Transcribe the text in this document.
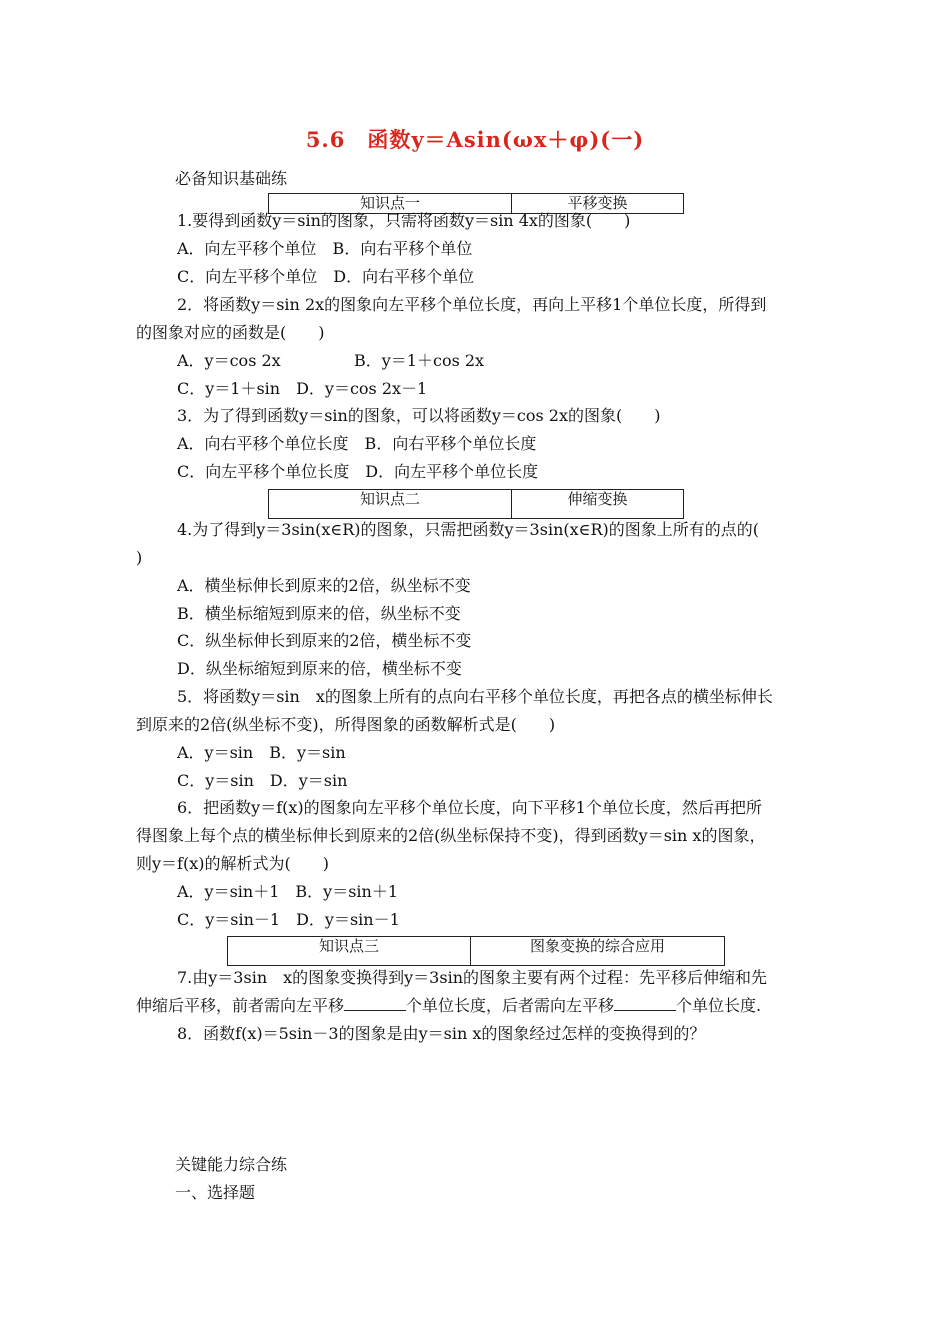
5.6　函数y＝Asin(ωx＋φ)(一)
必备知识基础练
知识点一	平移变换
1.要得到函数y＝sin的图象，只需将函数y＝sin 4x的图象(　　)
A．向左平移个单位　B．向右平移个单位
C．向左平移个单位　D．向右平移个单位
2．将函数y＝sin 2x的图象向左平移个单位长度，再向上平移1个单位长度，所得到
的图象对应的函数是(　　)
A．y＝cos 2x	B．y＝1＋cos 2x
C．y＝1＋sin　D．y＝cos 2x－1
3．为了得到函数y＝sin的图象，可以将函数y＝cos 2x的图象(　　)
A．向右平移个单位长度　B．向右平移个单位长度
C．向左平移个单位长度　D．向左平移个单位长度
知识点二	伸缩变换
4.为了得到y＝3sin(x∈R)的图象，只需把函数y＝3sin(x∈R)的图象上所有的点的(
)
A．横坐标伸长到原来的2倍，纵坐标不变
B．横坐标缩短到原来的倍，纵坐标不变
C．纵坐标伸长到原来的2倍，横坐标不变
D．纵坐标缩短到原来的倍，横坐标不变
5．将函数y＝sin　x的图象上所有的点向右平移个单位长度，再把各点的横坐标伸长
到原来的2倍(纵坐标不变)，所得图象的函数解析式是(　　)
A．y＝sin　B．y＝sin
C．y＝sin　D．y＝sin
6．把函数y＝f(x)的图象向左平移个单位长度，向下平移1个单位长度，然后再把所
得图象上每个点的横坐标伸长到原来的2倍(纵坐标保持不变)，得到函数y＝sin x的图象，
则y＝f(x)的解析式为(　　)
A．y＝sin＋1　B．y＝sin＋1
C．y＝sin－1　D．y＝sin－1
知识点三	图象变换的综合应用
7.由y＝3sin　x的图象变换得到y＝3sin的图象主要有两个过程：先平移后伸缩和先
伸缩后平移，前者需向左平移	个单位长度，后者需向左平移	个单位长度.
8．函数f(x)＝5sin－3的图象是由y＝sin x的图象经过怎样的变换得到的？
关键能力综合练
一、选择题
